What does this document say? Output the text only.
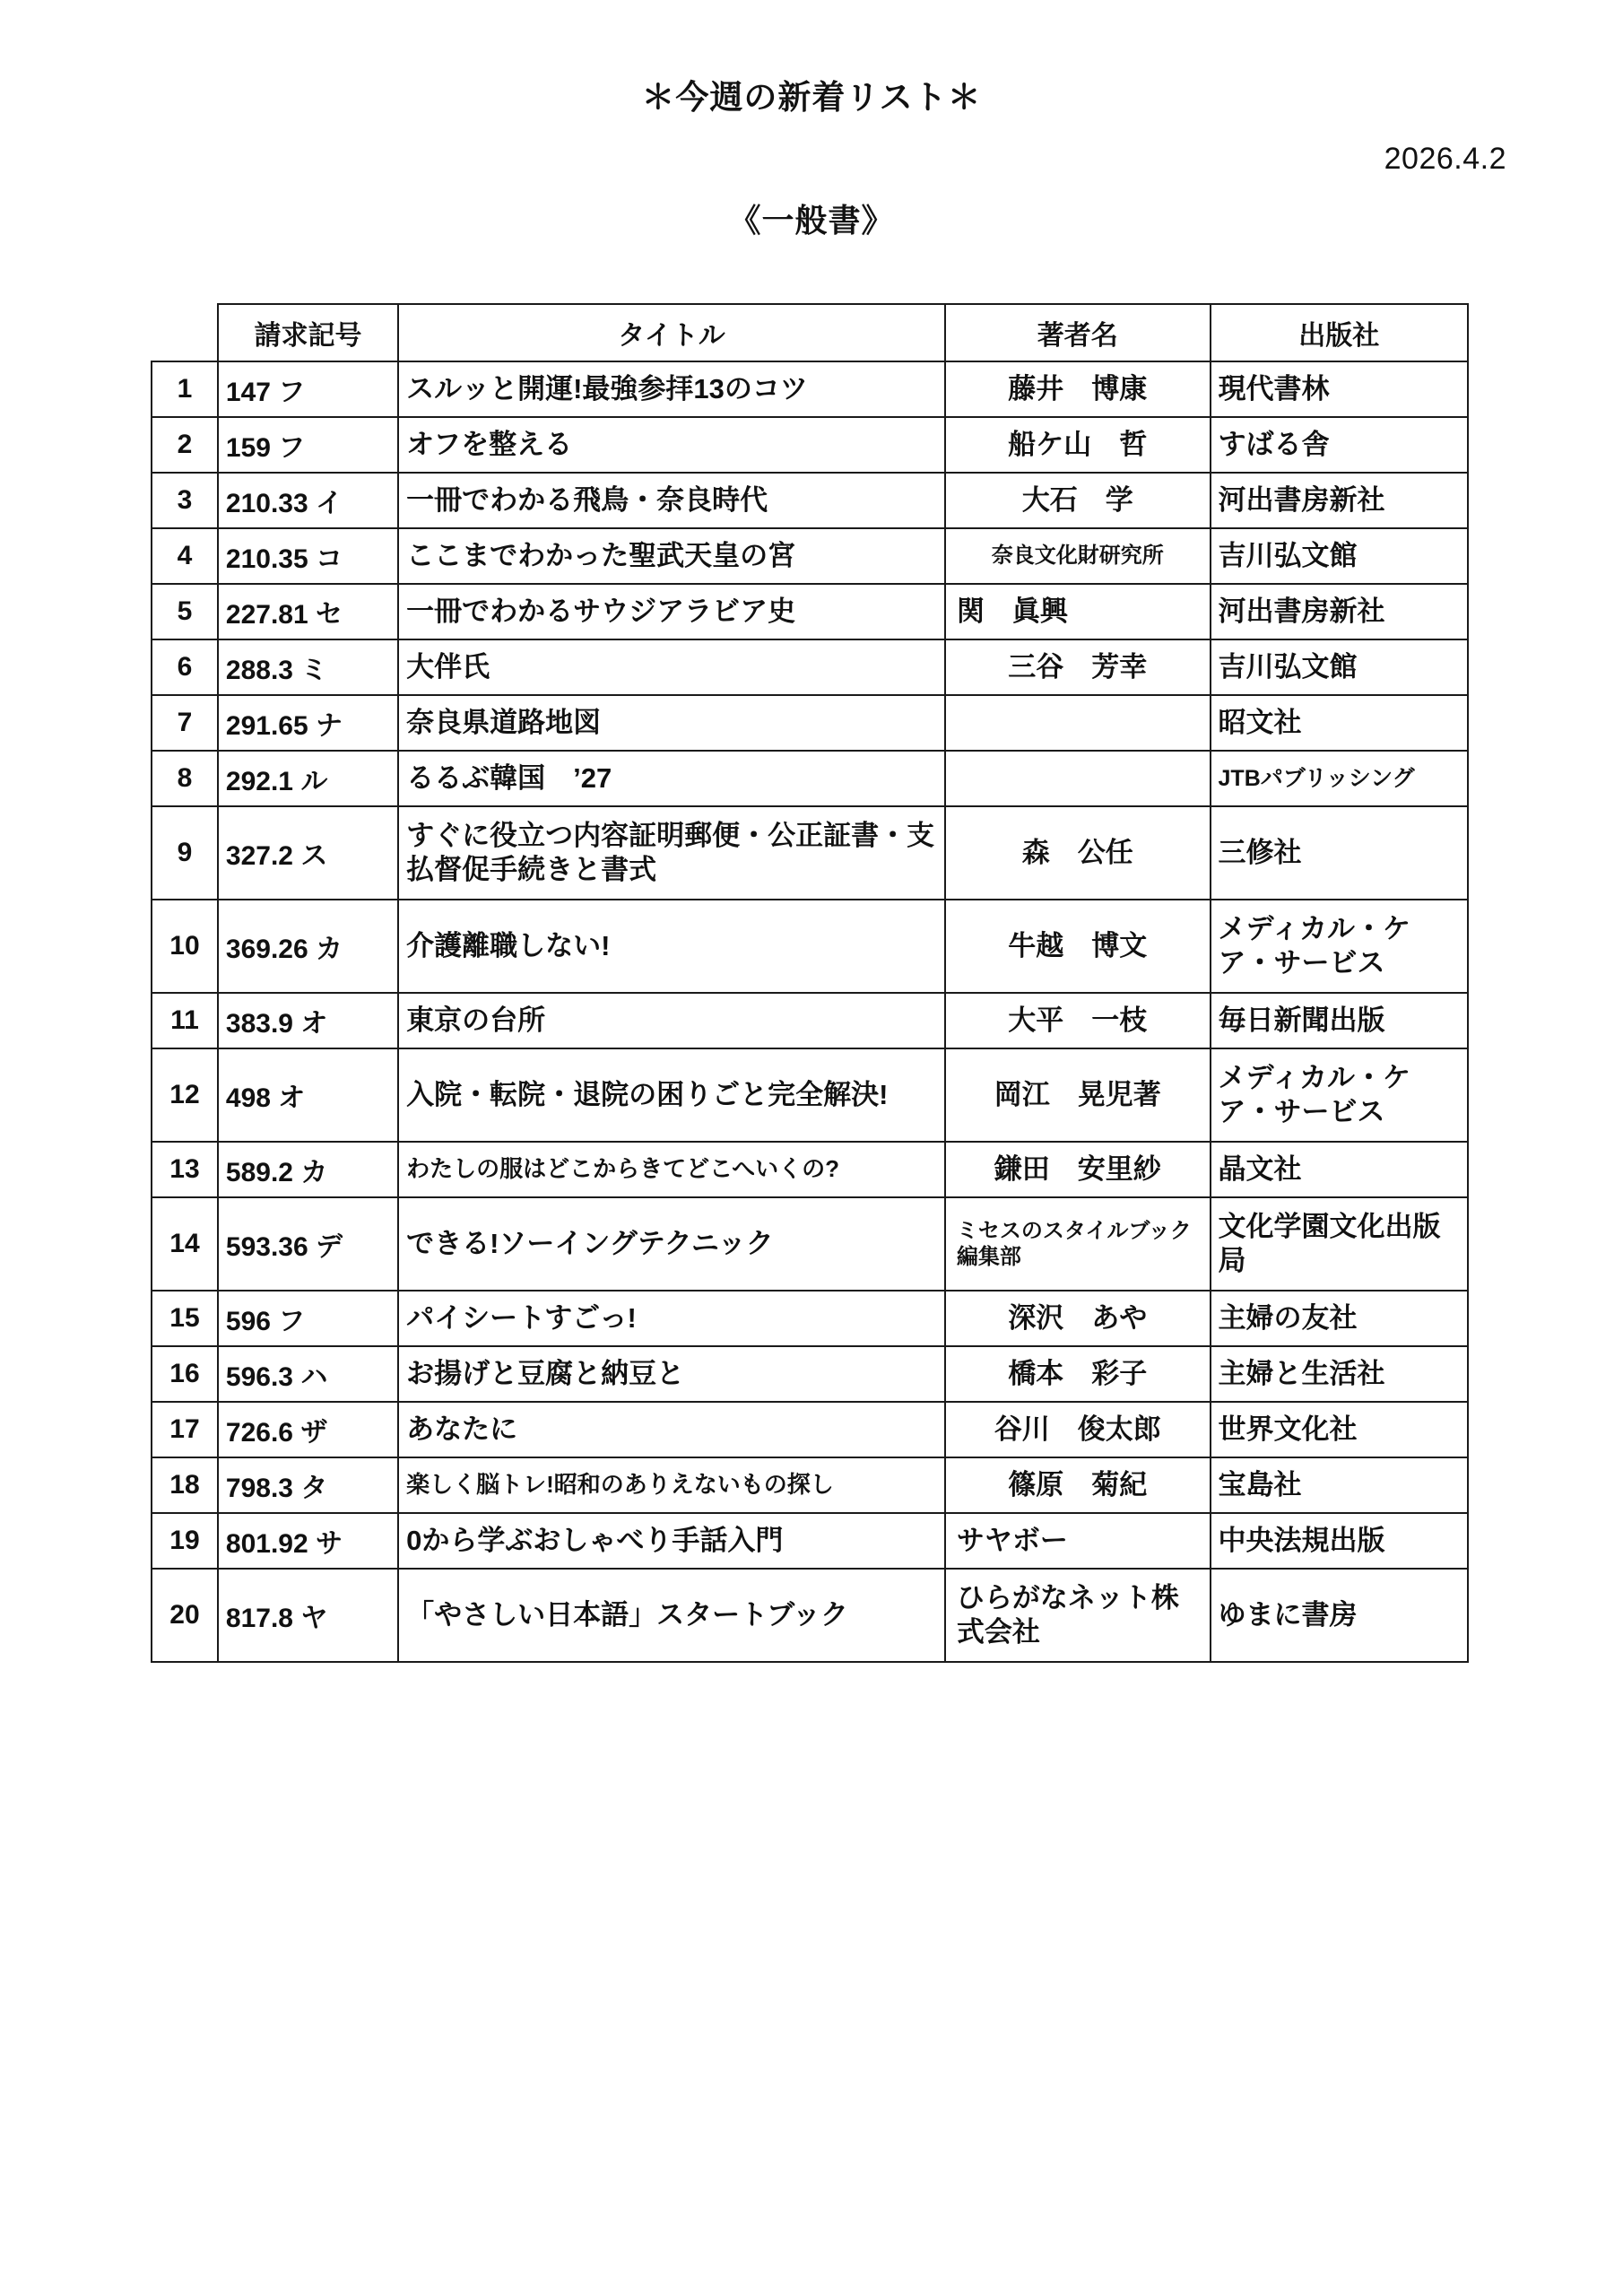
＊今週の新着リスト＊
2026.4.2
《一般書》
	請求記号	タイトル	著者名	出版社
1	147 フ	スルッと開運!最強参拝13のコツ	藤井　博康	現代書林
2	159 フ	オフを整える	船ケ山　哲	すばる舎
3	210.33 イ	一冊でわかる飛鳥・奈良時代	大石　学	河出書房新社
4	210.35 コ	ここまでわかった聖武天皇の宮	奈良文化財研究所	吉川弘文館
5	227.81 セ	一冊でわかるサウジアラビア史	関　眞興	河出書房新社
6	288.3 ミ	大伴氏	三谷　芳幸	吉川弘文館
7	291.65 ナ	奈良県道路地図		昭文社
8	292.1 ル	るるぶ韓国　’27		JTBパブリッシング
9	327.2 ス	すぐに役立つ内容証明郵便・公正証書・支払督促手続きと書式	森　公任	三修社
10	369.26 カ	介護離職しない!	牛越　博文	メディカル・ケア・サービス
11	383.9 オ	東京の台所	大平　一枝	毎日新聞出版
12	498 オ	入院・転院・退院の困りごと完全解決!	岡江　晃児著	メディカル・ケア・サービス
13	589.2 カ	わたしの服はどこからきてどこへいくの?	鎌田　安里紗	晶文社
14	593.36 デ	できる!ソーイングテクニック	ミセスのスタイルブック編集部	文化学園文化出版局
15	596 フ	パイシートすごっ!	深沢　あや	主婦の友社
16	596.3 ハ	お揚げと豆腐と納豆と	橋本　彩子	主婦と生活社
17	726.6 ザ	あなたに	谷川　俊太郎	世界文化社
18	798.3 タ	楽しく脳トレ!昭和のありえないもの探し	篠原　菊紀	宝島社
19	801.92 サ	0から学ぶおしゃべり手話入門	サヤボー	中央法規出版
20	817.8 ヤ	「やさしい日本語」スタートブック	ひらがなネット株式会社	ゆまに書房
